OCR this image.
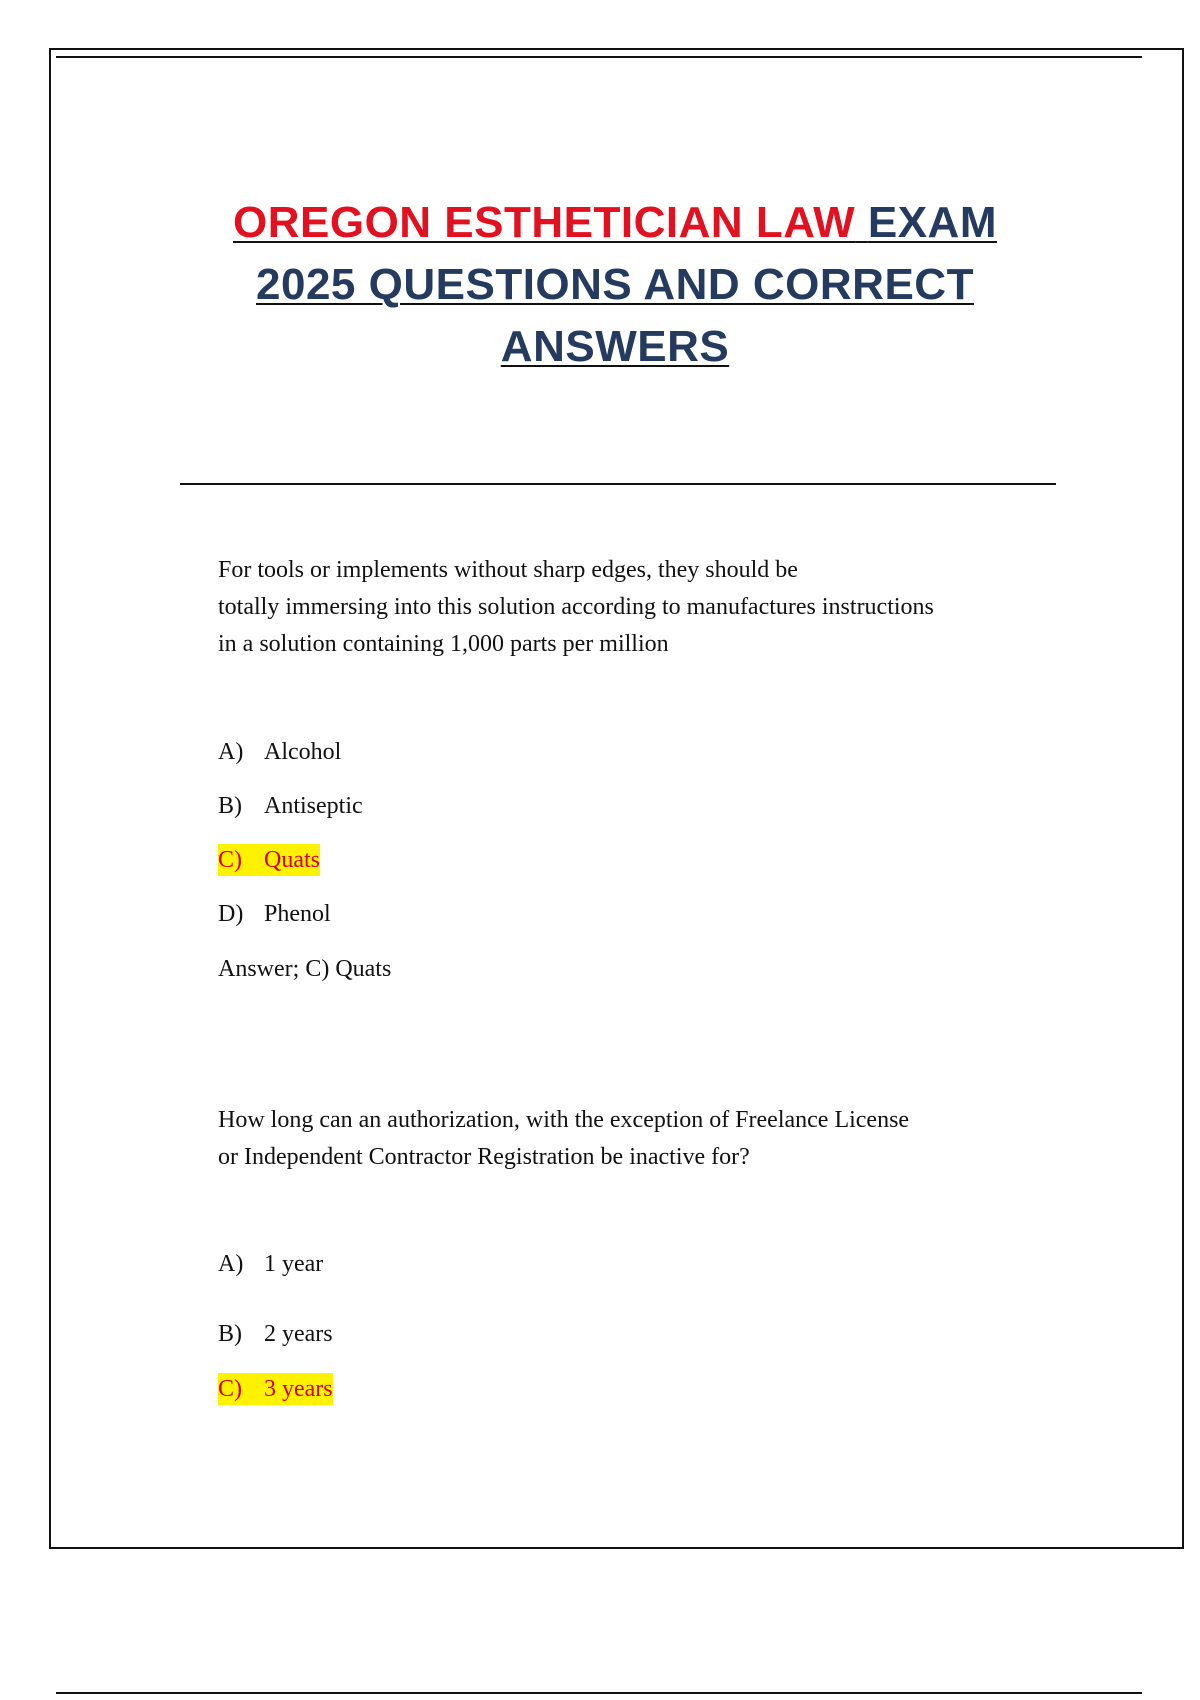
OREGON ESTHETICIAN LAW EXAM
2025 QUESTIONS AND CORRECT
ANSWERS
For tools or implements without sharp edges, they should be
totally immersing into this solution according to manufactures instructions
in a solution containing 1,000 parts per million
A) Alcohol
B) Antiseptic
C) Quats
D) Phenol
Answer; C) Quats
How long can an authorization, with the exception of Freelance License
or Independent Contractor Registration be inactive for?
A) 1 year
B) 2 years
C) 3 years
